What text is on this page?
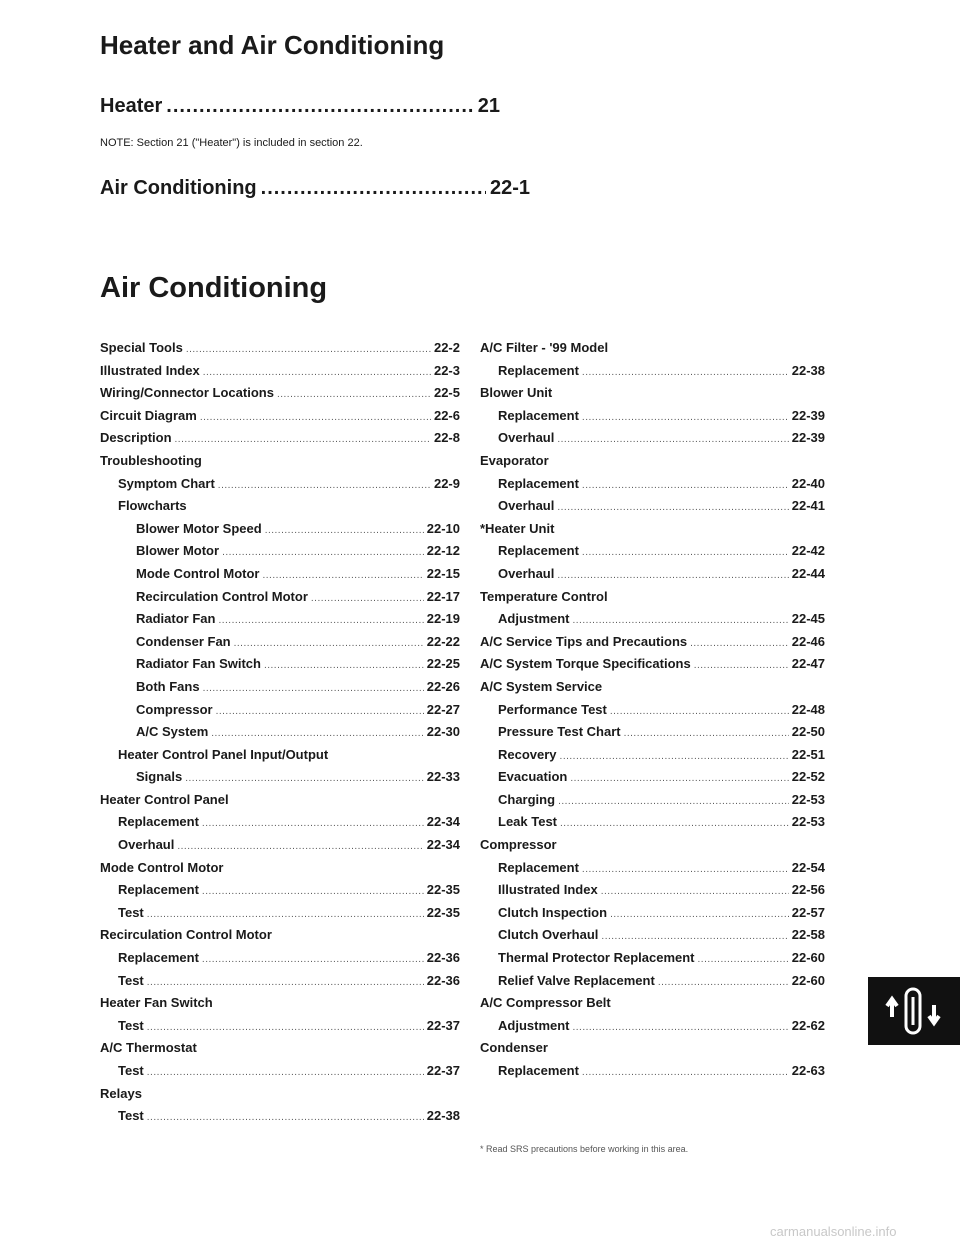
Heater and Air Conditioning
Heater .....	21
NOTE: Section 21 ("Heater") is included in section 22.
Air Conditioning .....	22-1
Air Conditioning
Special Tools .....	22-2
Illustrated Index .....	22-3
Wiring/Connector Locations .....	22-5
Circuit Diagram .....	22-6
Description .....	22-8
Troubleshooting
Symptom Chart .....	22-9
Flowcharts
Blower Motor Speed .....	22-10
Blower Motor .....	22-12
Mode Control Motor .....	22-15
Recirculation Control Motor .....	22-17
Radiator Fan .....	22-19
Condenser Fan .....	22-22
Radiator Fan Switch .....	22-25
Both Fans .....	22-26
Compressor .....	22-27
A/C System .....	22-30
Heater Control Panel Input/Output
Signals .....	22-33
Heater Control Panel
Replacement .....	22-34
Overhaul .....	22-34
Mode Control Motor
Replacement .....	22-35
Test .....	22-35
Recirculation Control Motor
Replacement .....	22-36
Test .....	22-36
Heater Fan Switch
Test .....	22-37
A/C Thermostat
Test .....	22-37
Relays
Test .....	22-38
A/C Filter - '99 Model
Replacement .....	22-38
Blower Unit
Replacement .....	22-39
Overhaul .....	22-39
Evaporator
Replacement .....	22-40
Overhaul .....	22-41
*Heater Unit
Replacement .....	22-42
Overhaul .....	22-44
Temperature Control
Adjustment .....	22-45
A/C Service Tips and Precautions .....	22-46
A/C System Torque Specifications .....	22-47
A/C System Service
Performance Test .....	22-48
Pressure Test Chart .....	22-50
Recovery .....	22-51
Evacuation .....	22-52
Charging .....	22-53
Leak Test .....	22-53
Compressor
Replacement .....	22-54
Illustrated Index .....	22-56
Clutch Inspection .....	22-57
Clutch Overhaul .....	22-58
Thermal Protector Replacement .....	22-60
Relief Valve Replacement .....	22-60
A/C Compressor Belt
Adjustment .....	22-62
Condenser
Replacement .....	22-63
* Read SRS precautions before working in this area.
carmanualsonline.info
